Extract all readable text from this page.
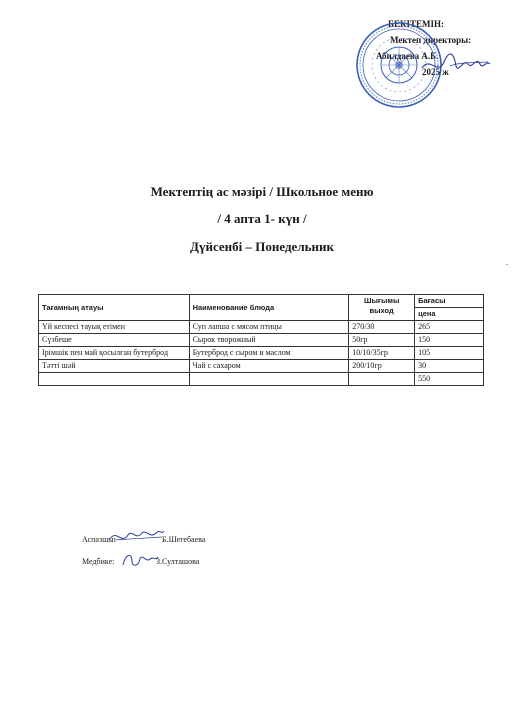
БЕКІТЕМІН:
Мектеп директоры:
Абилдаева А.Б.
2025 ж
Мектептің ас мәзірі / Школьное меню
/ 4 апта 1- күн /
Дүйсенбі – Понедельник
.
Тағамның атауы	Наименование блюда	Шығымы выход	Бағасы
цена

Үй кеспесі тауық етімен	Суп лапша с мясом птицы	270/30	265
Сүзбеше	Сырок творожный	50гр	150
Ірімшік пен май қосылған бутерброд	Бутерброд с сыром и маслом	10/10/35гр	105
Тәтті шәй	Чай с сахаром	200/10гр	30
			550
Аспазшы:	Б.Шегебаева
Медбике:	З.Султашова
